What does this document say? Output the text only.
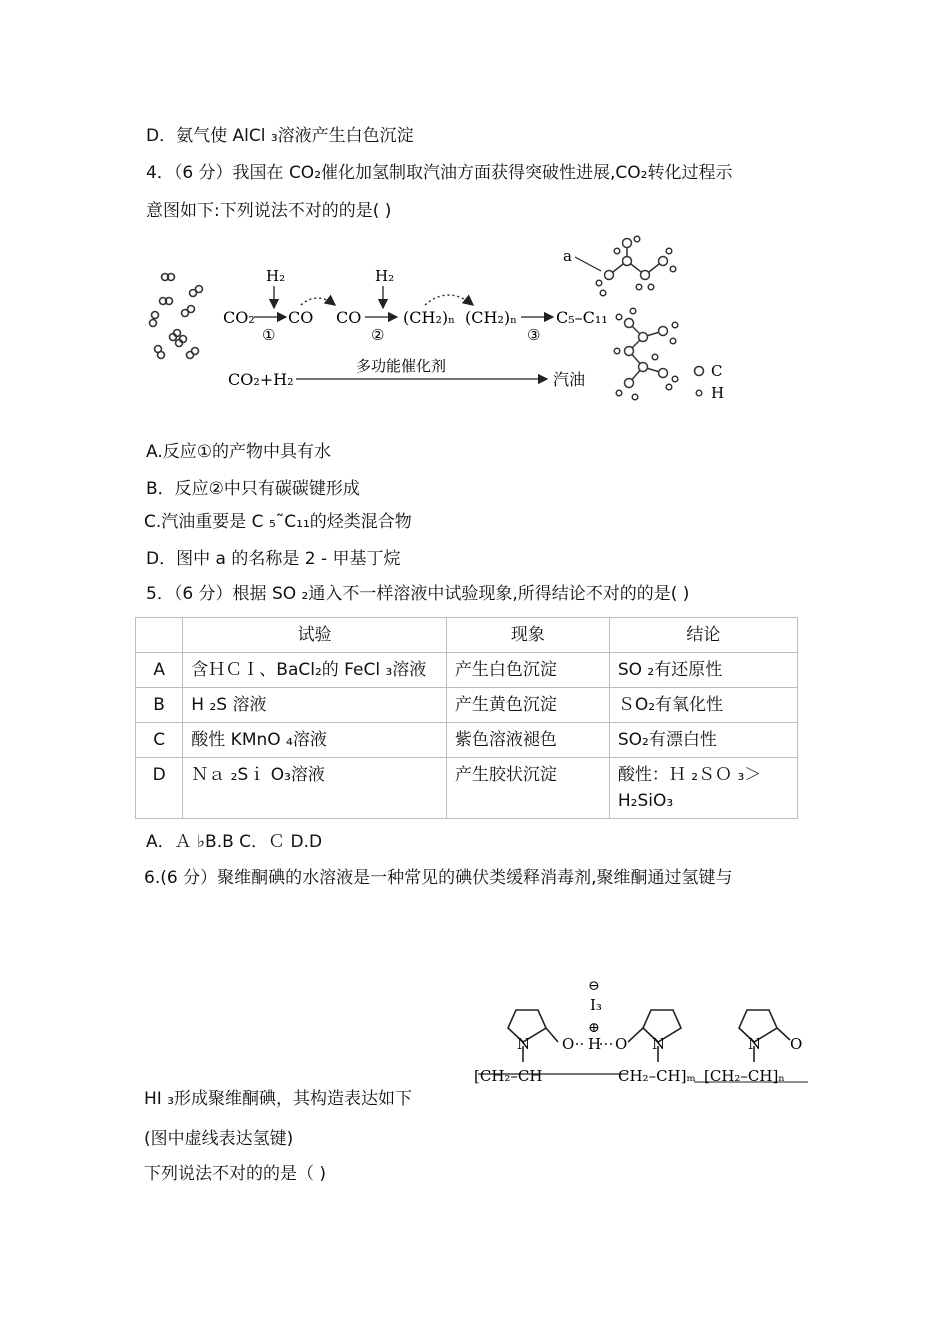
D．氨气使 AlCl ₃溶液产生白色沉淀
4．（6 分）我国在 CO₂催化加氢制取汽油方面获得突破性进展,CO₂转化过程示
意图如下:下列说法不对的的是( )
H₂	H₂
CO₂
①
CO CO
②
(CH₂)ₙ (CH₂)ₙ
③
C₅–C₁₁
CO₂+H₂
多功能催化剂
汽油
a
C
H
A.反应①的产物中具有水
B．反应②中只有碳碳键形成
C.汽油重要是 C ₅˜C₁₁的烃类混合物
D．图中 a 的名称是 2 - 甲基丁烷
5．（6 分）根据 SO ₂通入不一样溶液中试验现象,所得结论不对的的是( )
	试验	现象	结论
A	含ＨＣＩ、BaCl₂的 FeCl ₃溶液	产生白色沉淀	SO ₂有还原性
B	H ₂S 溶液	产生黄色沉淀	ＳO₂有氧化性
C	酸性 KMnO ₄溶液	紫色溶液褪色	SO₂有漂白性
D	Ｎａ ₂Sｉ O₃溶液	产生胶状沉淀	酸性：Ｈ ₂ＳＯ ₃＞ H₂SiO₃
A．Ａ ♭B.B C．Ｃ D.D
6.(6 分）聚维酮碘的水溶液是一种常见的碘伏类缓释消毒剂,聚维酮通过氢键与
⊖
I₃
⊕
N O H O N	N O
[CH₂–CH	CH₂–CH]ₘ [CH₂–CH]ₙ
HI ₃形成聚维酮碘，其构造表达如下
(图中虚线表达氢键)
下列说法不对的的是（ )
